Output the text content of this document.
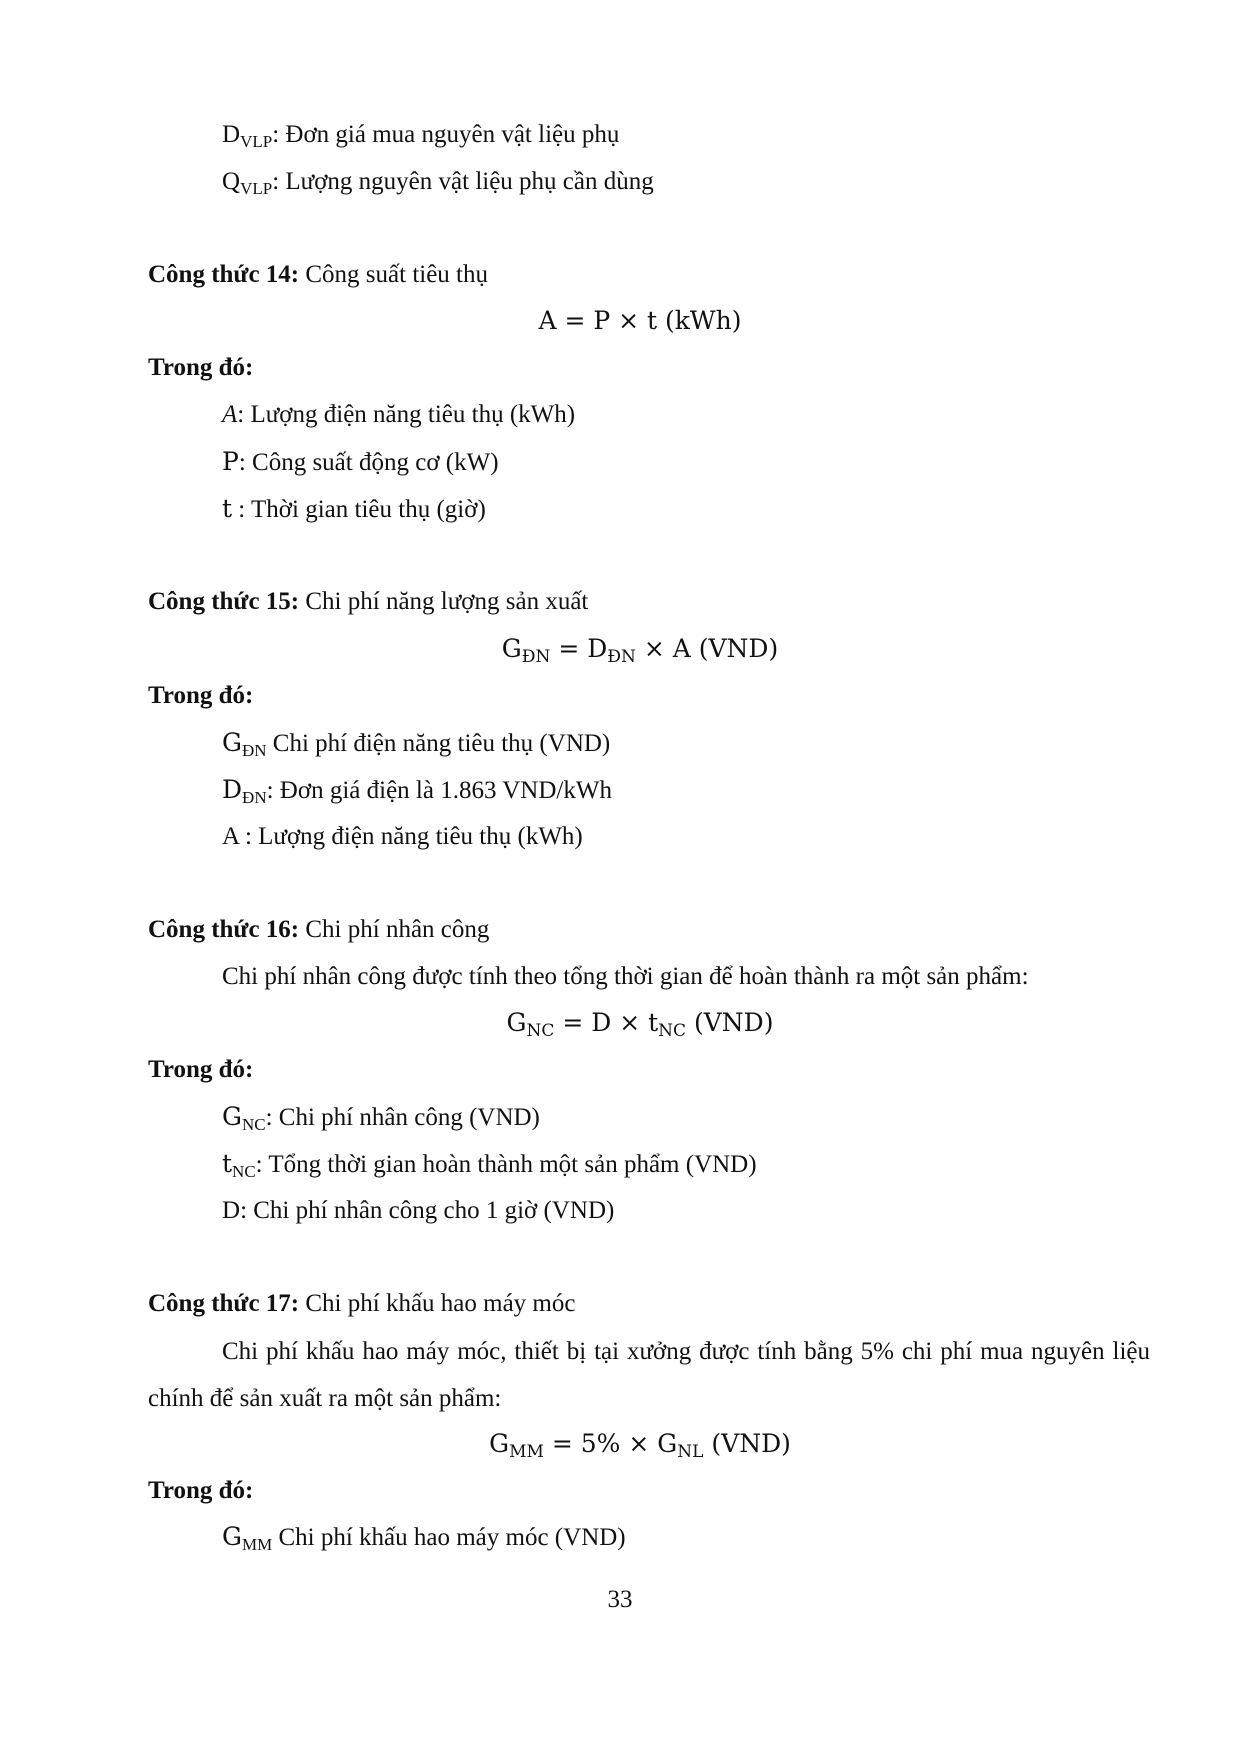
$D_{VLP}$: Đơn giá mua nguyên vật liệu phụ
$Q_{VLP}$: Lượng nguyên vật liệu phụ cần dùng
Công thức 14: Công suất tiêu thụ
A = P × t (kWh)
Trong đó:
A: Lượng điện năng tiêu thụ (kWh)
P: Công suất động cơ (kW)
t : Thời gian tiêu thụ (giờ)
Công thức 15: Chi phí năng lượng sản xuất
$G_{ĐN} = D_{ĐN} \times A$ (VND)
Trong đó:
$G_{ĐN}$ Chi phí điện năng tiêu thụ (VND)
$D_{ĐN}$: Đơn giá điện là 1.863 VND/kWh
A : Lượng điện năng tiêu thụ (kWh)
Công thức 16: Chi phí nhân công
Chi phí nhân công được tính theo tổng thời gian để hoàn thành ra một sản phẩm:
$G_{NC} = D \times t_{NC}$ (VND)
Trong đó:
$G_{NC}$: Chi phí nhân công (VND)
$t_{NC}$: Tổng thời gian hoàn thành một sản phẩm (VND)
D: Chi phí nhân công cho 1 giờ (VND)
Công thức 17: Chi phí khấu hao máy móc
Chi phí khấu hao máy móc, thiết bị tại xưởng được tính bằng 5% chi phí mua nguyên liệu chính để sản xuất ra một sản phẩm:
$G_{MM} = 5\% \times G_{NL}$ (VND)
Trong đó:
$G_{MM}$ Chi phí khấu hao máy móc (VND)
33
